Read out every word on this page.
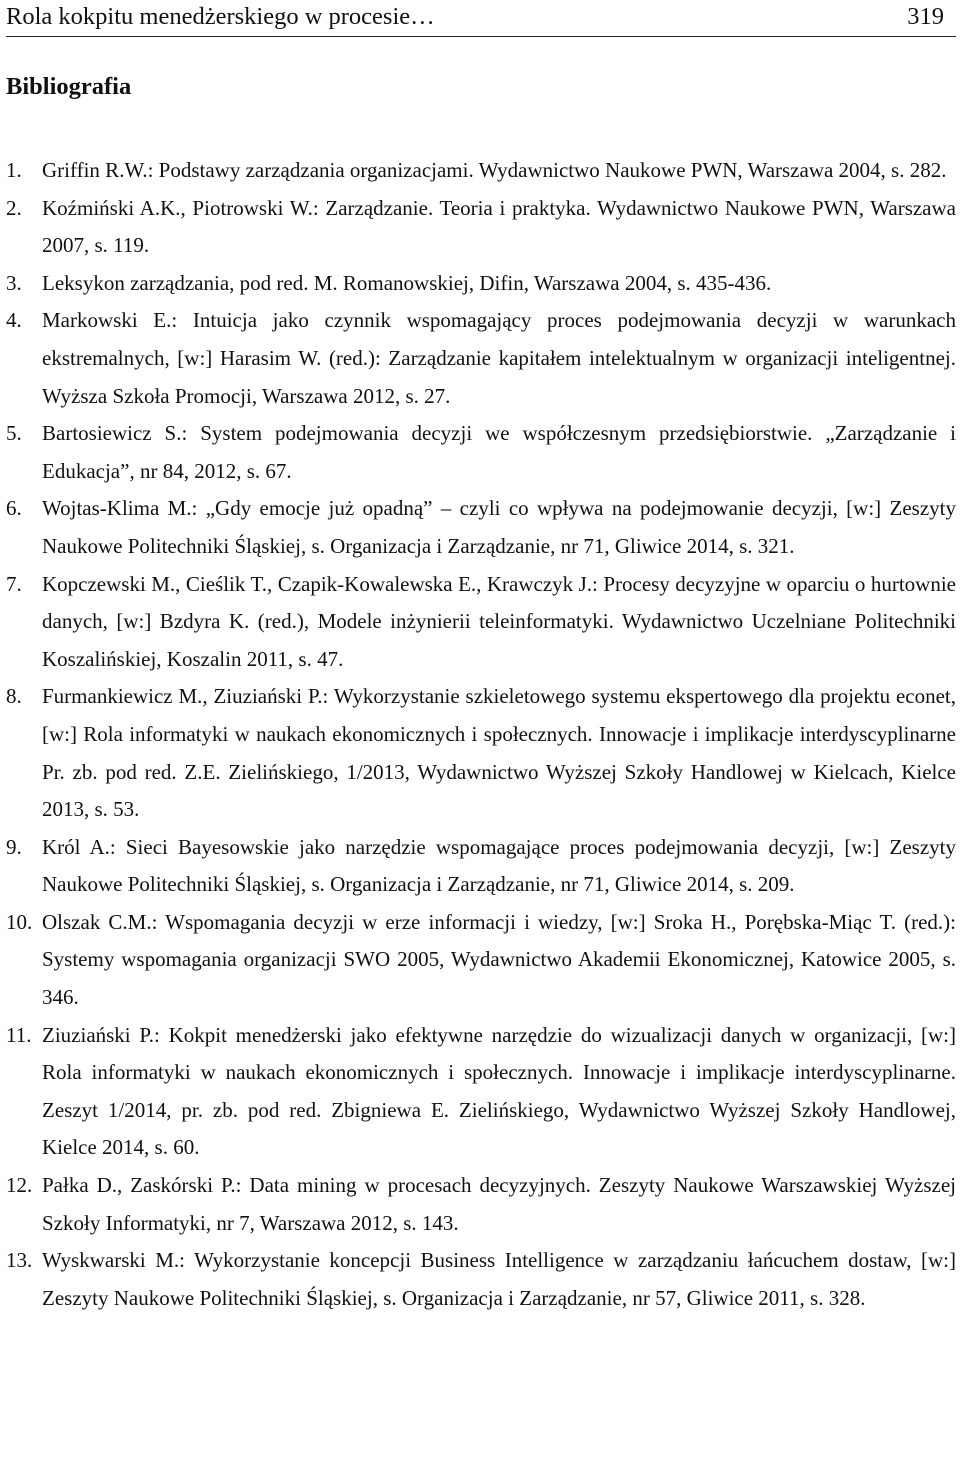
Rola kokpitu menedżerskiego w procesie…	319
Bibliografia
1. Griffin R.W.: Podstawy zarządzania organizacjami. Wydawnictwo Naukowe PWN, Warszawa 2004, s. 282.
2. Koźmiński A.K., Piotrowski W.: Zarządzanie. Teoria i praktyka. Wydawnictwo Naukowe PWN, Warszawa 2007, s. 119.
3. Leksykon zarządzania, pod red. M. Romanowskiej, Difin, Warszawa 2004, s. 435-436.
4. Markowski E.: Intuicja jako czynnik wspomagający proces podejmowania decyzji w warunkach ekstremalnych, [w:] Harasim W. (red.): Zarządzanie kapitałem intelektualnym w organizacji inteligentnej. Wyższa Szkoła Promocji, Warszawa 2012, s. 27.
5. Bartosiewicz S.: System podejmowania decyzji we współczesnym przedsiębiorstwie. „Zarządzanie i Edukacja”, nr 84, 2012, s. 67.
6. Wojtas-Klima M.: „Gdy emocje już opadną” – czyli co wpływa na podejmowanie decyzji, [w:] Zeszyty Naukowe Politechniki Śląskiej, s. Organizacja i Zarządzanie, nr 71, Gliwice 2014, s. 321.
7. Kopczewski M., Cieślik T., Czapik-Kowalewska E., Krawczyk J.: Procesy decyzyjne w oparciu o hurtownie danych, [w:] Bzdyra K. (red.), Modele inżynierii teleinformatyki. Wydawnictwo Uczelniane Politechniki Koszalińskiej, Koszalin 2011, s. 47.
8. Furmankiewicz M., Ziuziański P.: Wykorzystanie szkieletowego systemu ekspertowego dla projektu econet, [w:] Rola informatyki w naukach ekonomicznych i społecznych. Innowacje i implikacje interdyscyplinarne Pr. zb. pod red. Z.E. Zielińskiego, 1/2013, Wydawnictwo Wyższej Szkoły Handlowej w Kielcach, Kielce 2013, s. 53.
9. Król A.: Sieci Bayesowskie jako narzędzie wspomagające proces podejmowania decyzji, [w:] Zeszyty Naukowe Politechniki Śląskiej, s. Organizacja i Zarządzanie, nr 71, Gliwice 2014, s. 209.
10. Olszak C.M.: Wspomagania decyzji w erze informacji i wiedzy, [w:] Sroka H., Porębska-Miąc T. (red.): Systemy wspomagania organizacji SWO 2005, Wydawnictwo Akademii Ekonomicznej, Katowice 2005, s. 346.
11. Ziuziański P.: Kokpit menedżerski jako efektywne narzędzie do wizualizacji danych w organizacji, [w:] Rola informatyki w naukach ekonomicznych i społecznych. Innowacje i implikacje interdyscyplinarne. Zeszyt 1/2014, pr. zb. pod red. Zbigniewa E. Zielińskiego, Wydawnictwo Wyższej Szkoły Handlowej, Kielce 2014, s. 60.
12. Pałka D., Zaskórski P.: Data mining w procesach decyzyjnych. Zeszyty Naukowe Warszawskiej Wyższej Szkoły Informatyki, nr 7, Warszawa 2012, s. 143.
13. Wyskwarski M.: Wykorzystanie koncepcji Business Intelligence w zarządzaniu łańcuchem dostaw, [w:] Zeszyty Naukowe Politechniki Śląskiej, s. Organizacja i Zarządzanie, nr 57, Gliwice 2011, s. 328.
